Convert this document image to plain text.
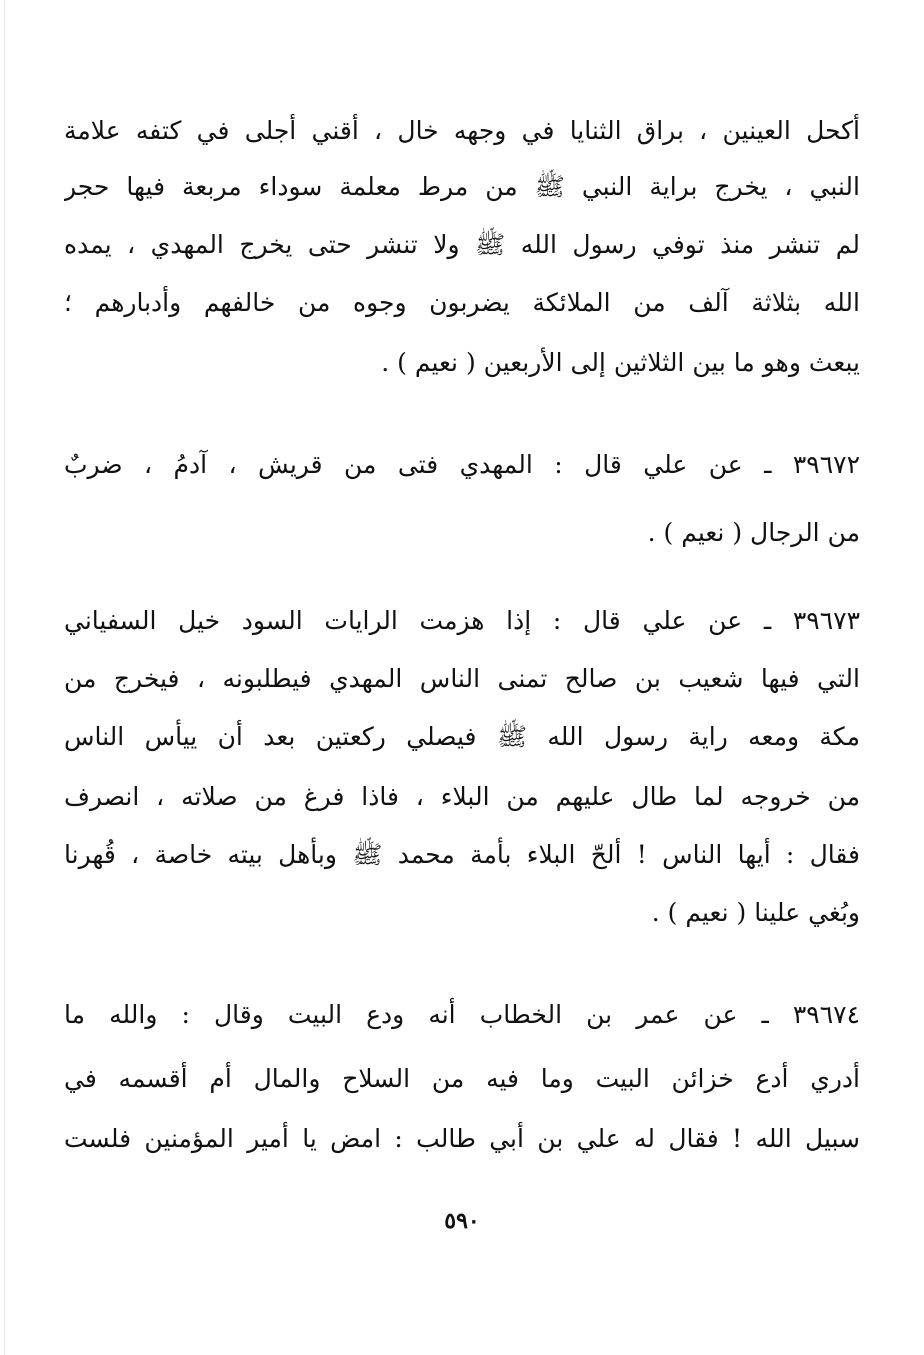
أكحل العينين ، براق الثنايا في وجهه خال ، أقني أجلى في كتفه علامة
النبي ، يخرج براية النبي ﷺ من مرط معلمة سوداء مربعة فيها حجر
لم تنشر منذ توفي رسول الله ﷺ ولا تنشر حتى يخرج المهدي ، يمده
الله بثلاثة آلف من الملائكة يضربون وجوه من خالفهم وأدبارهم ؛
يبعث وهو ما بين الثلاثين إلى الأربعين ( نعيم ) .
٣٩٦٧٢ ـ عن علي قال : المهدي فتى من قريش ، آدمُ ، ضربٌ
من الرجال ( نعيم ) .
٣٩٦٧٣ ـ عن علي قال : إذا هزمت الرايات السود خيل السفياني
التي فيها شعيب بن صالح تمنى الناس المهدي فيطلبونه ، فيخرج من
مكة ومعه راية رسول الله ﷺ فيصلي ركعتين بعد أن ييأس الناس
من خروجه لما طال عليهم من البلاء ، فاذا فرغ من صلاته ، انصرف
فقال : أيها الناس ! ألحّ البلاء بأمة محمد ﷺ وبأهل بيته خاصة ، قُهرنا
وبُغي علينا ( نعيم ) .
٣٩٦٧٤ ـ عن عمر بن الخطاب أنه ودع البيت وقال : والله ما
أدري أدع خزائن البيت وما فيه من السلاح والمال أم أقسمه في
سبيل الله ! فقال له علي بن أبي طالب : امض يا أمير المؤمنين فلست
٥٩٠
